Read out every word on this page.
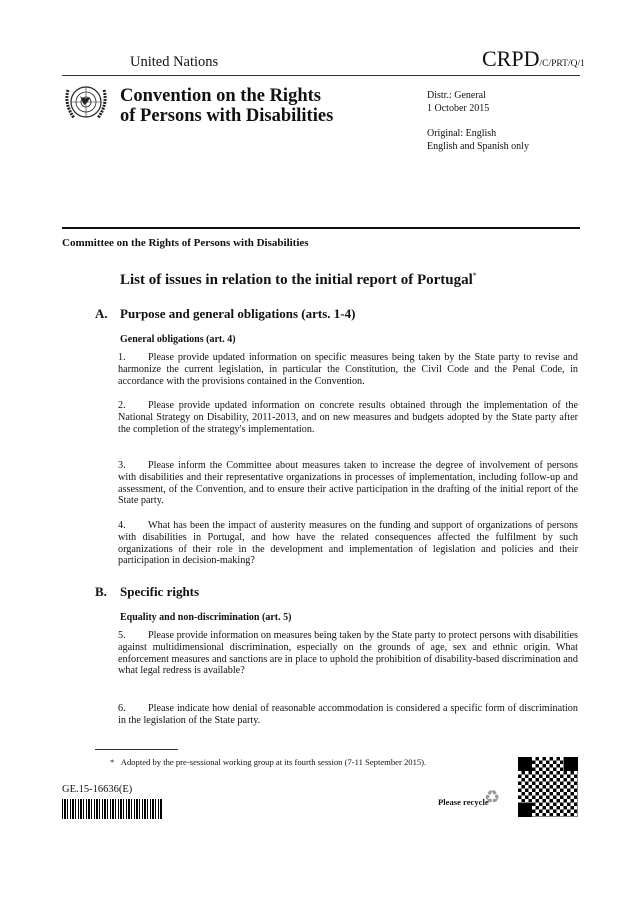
United Nations	CRPD/C/PRT/Q/1
Convention on the Rights
of Persons with Disabilities
Distr.: General
1 October 2015
Original: English
English and Spanish only
Committee on the Rights of Persons with Disabilities
List of issues in relation to the initial report of Portugal*
A. Purpose and general obligations (arts. 1-4)
General obligations (art. 4)
1. Please provide updated information on specific measures being taken by the State party to revise and harmonize the current legislation, in particular the Constitution, the Civil Code and the Penal Code, in accordance with the provisions contained in the Convention.
2. Please provide updated information on concrete results obtained through the implementation of the National Strategy on Disability, 2011-2013, and on new measures and budgets adopted by the State party after the completion of the strategy's implementation.
3. Please inform the Committee about measures taken to increase the degree of involvement of persons with disabilities and their representative organizations in processes of implementation, including follow-up and assessment, of the Convention, and to ensure their active participation in the drafting of the initial report of the State party.
4. What has been the impact of austerity measures on the funding and support of organizations of persons with disabilities in Portugal, and how have the related consequences affected the fulfilment by such organizations of their role in the development and implementation of legislation and policies and their participation in decision-making?
B. Specific rights
Equality and non-discrimination (art. 5)
5. Please provide information on measures being taken by the State party to protect persons with disabilities against multidimensional discrimination, especially on the grounds of age, sex and ethnic origin. What enforcement measures and sanctions are in place to uphold the prohibition of disability-based discrimination and what legal redress is available?
6. Please indicate how denial of reasonable accommodation is considered a specific form of discrimination in the legislation of the State party.
* Adopted by the pre-sessional working group at its fourth session (7-11 September 2015).
GE.15-16636(E)
Please recycle
♻
